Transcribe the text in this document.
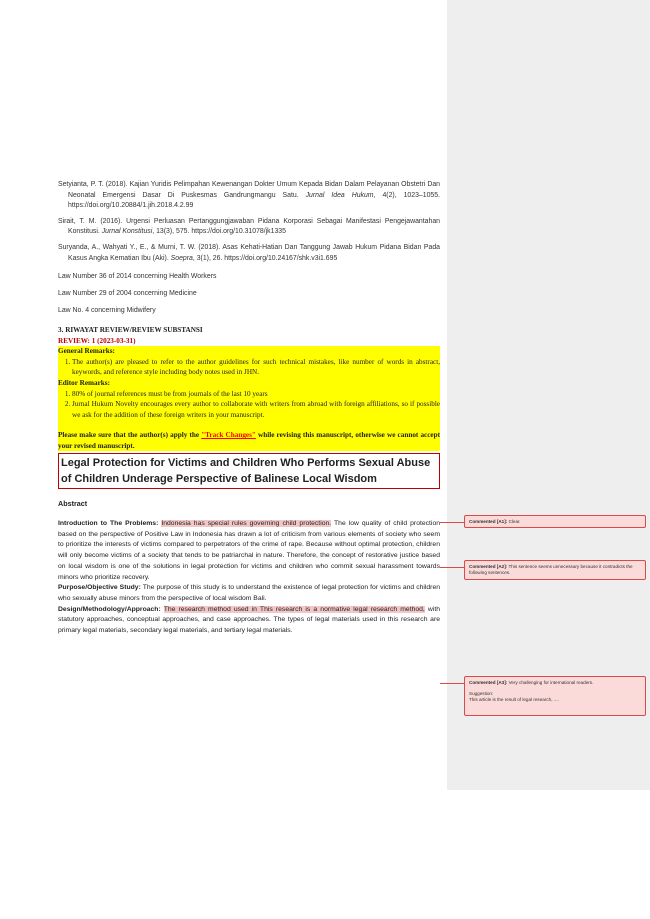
Setyianta, P. T. (2018). Kajian Yuridis Pelimpahan Kewenangan Dokter Umum Kepada Bidan Dalam Pelayanan Obstetri Dan Neonatal Emergensi Dasar Di Puskesmas Gandrungmangu Satu. Jurnal Idea Hukum, 4(2), 1023–1055. https://doi.org/10.20884/1.jih.2018.4.2.99

Sirait, T. M. (2016). Urgensi Perluasan Pertanggungjawaban Pidana Korporasi Sebagai Manifestasi Pengejawantahan Konstitusi. Jurnal Konstitusi, 13(3), 575. https://doi.org/10.31078/jk1335

Suryanda, A., Wahyati Y., E., & Murni, T. W. (2018). Asas Kehati-Hatian Dan Tanggung Jawab Hukum Pidana Bidan Pada Kasus Angka Kematian Ibu (Aki). Soepra, 3(1), 26. https://doi.org/10.24167/shk.v3i1.695

Law Number 36 of 2014 concerning Health Workers

Law Number 29 of 2004 concerning Medicine

Law No. 4 concerning Midwifery

3. RIWAYAT REVIEW/REVIEW SUBSTANSI

REVIEW: 1 (2023-03-31)

General Remarks:
1. The author(s) are pleased to refer to the author guidelines for such technical mistakes, like number of words in abstract, keywords, and reference style including body notes used in JHN.
Editor Remarks:
1. 80% of journal references must be from journals of the last 10 years
2. Jurnal Hukum Novelty encourages every author to collaborate with writers from abroad with foreign affiliations, so if possible we ask for the addition of these foreign writers in your manuscript.
Please make sure that the author(s) apply the "Track Changes" while revising this manuscript, otherwise we cannot accept your revised manuscript.
Legal Protection for Victims and Children Who Performs Sexual Abuse of Children Underage Perspective of Balinese Local Wisdom
Abstract

Introduction to The Problems: Indonesia has special rules governing child protection. The low quality of child protection based on the perspective of Positive Law in Indonesia has drawn a lot of criticism from various elements of society who seem to prioritize the interests of victims compared to perpetrators of the crime of rape. Because without optimal protection, children will only become victims of a society that tends to be patriarchal in nature. Therefore, the concept of restorative justice based on local wisdom is one of the solutions in legal protection for victims and children who commit sexual harassment towards minors who prioritize recovery.

Purpose/Objective Study: The purpose of this study is to understand the existence of legal protection for victims and children who sexually abuse minors from the perspective of local wisdom Bali.

Design/Methodology/Approach: The research method used in This research is a normative legal research method, with statutory approaches, conceptual approaches, and case approaches. The types of legal materials used in this research are primary legal materials, secondary legal materials, and tertiary legal materials.

Commented [A1]: Clear.
Commented [A2]: This sentence seems unnecessary because it contradicts the following sentences.
Commented [A3]: Very challenging for international readers.
Suggestion:
This article is the result of legal research, ....
